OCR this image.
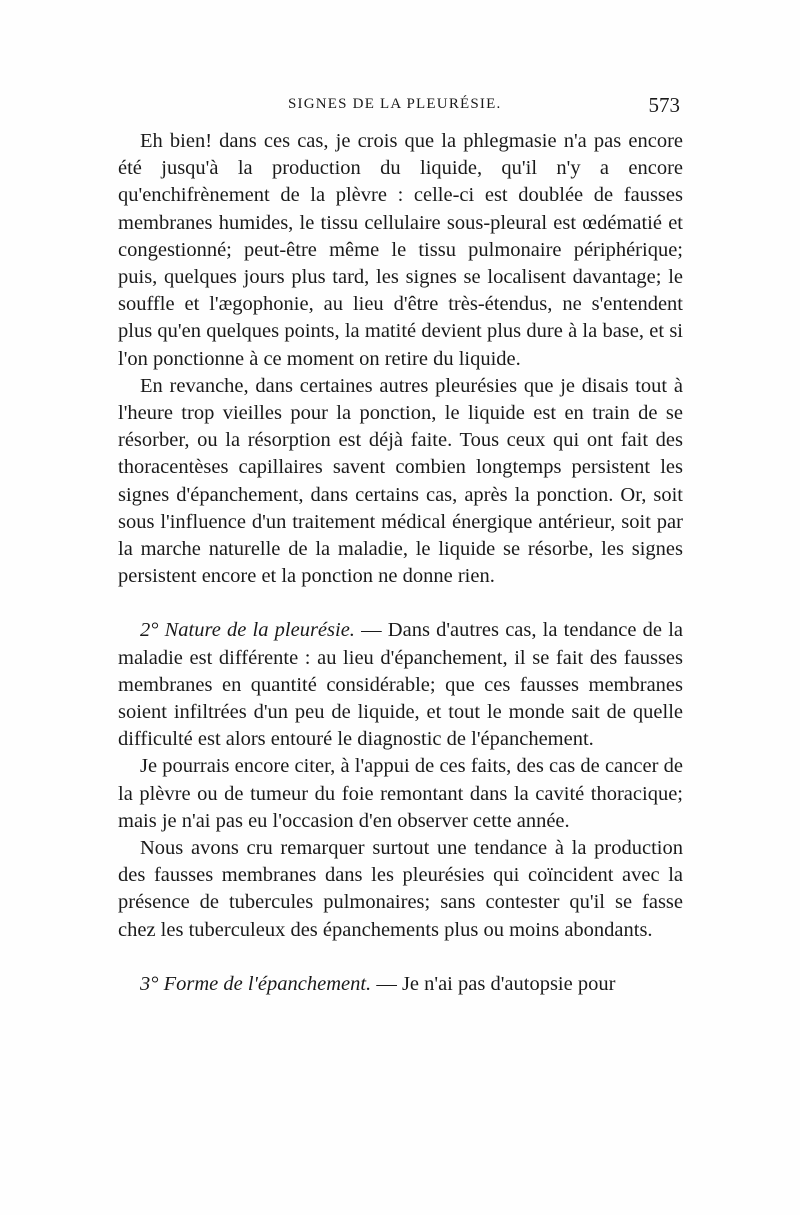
SIGNES DE LA PLEURÉSIE.	573

Eh bien! dans ces cas, je crois que la phlegmasie n'a pas encore été jusqu'à la production du liquide, qu'il n'y a encore qu'enchifrènement de la plèvre : celle-ci est doublée de fausses membranes humides, le tissu cellulaire sous-pleural est œdématié et congestionné; peut-être même le tissu pulmonaire périphérique; puis, quelques jours plus tard, les signes se localisent davantage; le souffle et l'ægophonie, au lieu d'être très-étendus, ne s'entendent plus qu'en quelques points, la matité devient plus dure à la base, et si l'on ponctionne à ce moment on retire du liquide.

En revanche, dans certaines autres pleurésies que je disais tout à l'heure trop vieilles pour la ponction, le liquide est en train de se résorber, ou la résorption est déjà faite. Tous ceux qui ont fait des thoracentèses capillaires savent combien longtemps persistent les signes d'épanchement, dans certains cas, après la ponction. Or, soit sous l'influence d'un traitement médical énergique antérieur, soit par la marche naturelle de la maladie, le liquide se résorbe, les signes persistent encore et la ponction ne donne rien.

2° Nature de la pleurésie. — Dans d'autres cas, la tendance de la maladie est différente : au lieu d'épanchement, il se fait des fausses membranes en quantité considérable; que ces fausses membranes soient infiltrées d'un peu de liquide, et tout le monde sait de quelle difficulté est alors entouré le diagnostic de l'épanchement.

Je pourrais encore citer, à l'appui de ces faits, des cas de cancer de la plèvre ou de tumeur du foie remontant dans la cavité thoracique; mais je n'ai pas eu l'occasion d'en observer cette année.

Nous avons cru remarquer surtout une tendance à la production des fausses membranes dans les pleurésies qui coïncident avec la présence de tubercules pulmonaires; sans contester qu'il se fasse chez les tuberculeux des épanchements plus ou moins abondants.

3° Forme de l'épanchement. — Je n'ai pas d'autopsie pour
